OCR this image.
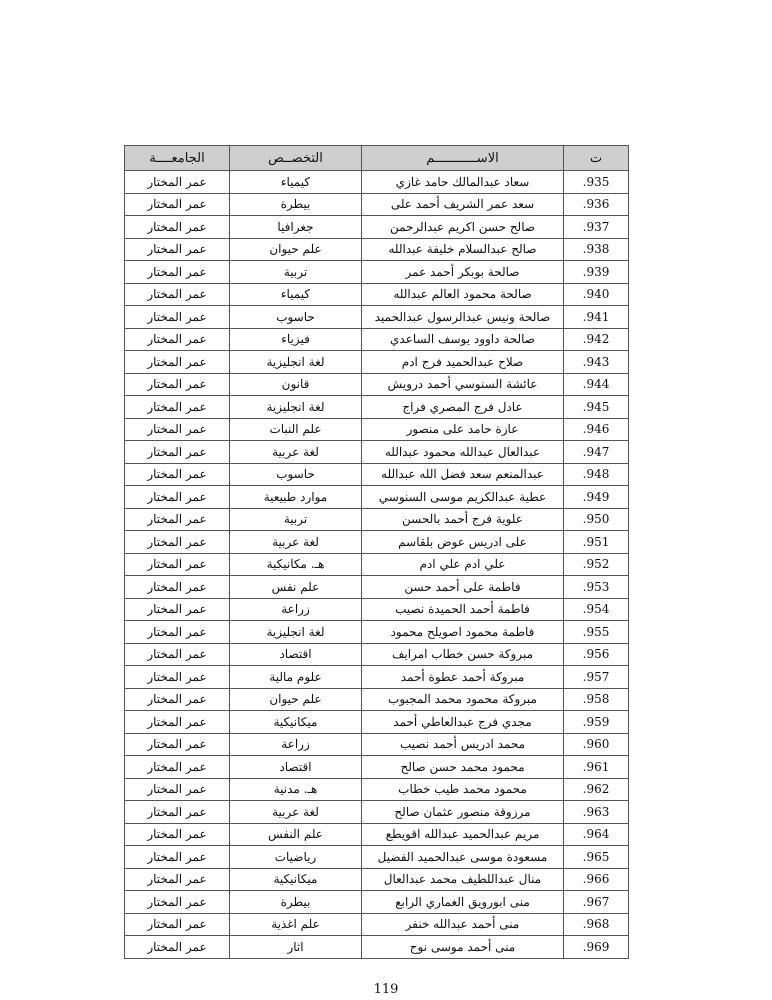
ت	الاســـــــــــم	التخصــص	الجامعــــة
.935	سعاد عبدالمالك حامد غازي	كيمياء	عمر المختار
.936	سعد عمر الشريف أحمد على	بيطرة	عمر المختار
.937	صالح حسن اكريم عبدالرحمن	جغرافيا	عمر المختار
.938	صالح عبدالسلام خليفة عبدالله	علم حيوان	عمر المختار
.939	صالحة بوبكر أحمد عمر	تربية	عمر المختار
.940	صالحة محمود العالم عبدالله	كيمياء	عمر المختار
.941	صالحة ونيس عبدالرسول عبدالحميد	حاسوب	عمر المختار
.942	صالحة داوود يوسف الساعدي	فيزياء	عمر المختار
.943	صلاح عبدالحميد فرج ادم	لغة انجليزية	عمر المختار
.944	عائشة السنوسي أحمد درويش	قانون	عمر المختار
.945	عادل فرج المصري فراج	لغة انجليزية	عمر المختار
.946	عازة حامد على منصور	علم النبات	عمر المختار
.947	عبدالعال عبدالله محمود عبدالله	لغة عربية	عمر المختار
.948	عبدالمنعم سعد فضل الله عبدالله	حاسوب	عمر المختار
.949	عطية عبدالكريم موسى السنوسي	موارد طبيعية	عمر المختار
.950	علوية فرج أحمد بالحسن	تربية	عمر المختار
.951	على ادريس عوض بلقاسم	لغة عربية	عمر المختار
.952	علي ادم علي ادم	هـ. مكانيكية	عمر المختار
.953	فاطمة على أحمد حسن	علم نفس	عمر المختار
.954	فاطمة أحمد الحميدة نصيب	زراعة	عمر المختار
.955	فاطمة محمود اصويلح محمود	لغة انجليزية	عمر المختار
.956	مبروكة حسن خطاب امرايف	اقتصاد	عمر المختار
.957	مبروكة أحمد عطوة أحمد	علوم مالية	عمر المختار
.958	مبروكة محمود محمد المجبوب	علم حيوان	عمر المختار
.959	مجدي فرج عبدالعاطي أحمد	ميكانيكية	عمر المختار
.960	محمد ادريس أحمد نصيب	زراعة	عمر المختار
.961	محمود محمد حسن صالح	اقتصاد	عمر المختار
.962	محمود محمد طيب خطاب	هـ. مدنية	عمر المختار
.963	مرزوقة منصور عثمان صالح	لغة عربية	عمر المختار
.964	مريم عبدالحميد عبدالله اقويطع	علم النفس	عمر المختار
.965	مسعودة موسى عبدالحميد الفضيل	رياضيات	عمر المختار
.966	منال عبداللطيف محمد عبدالعال	ميكانيكية	عمر المختار
.967	منى ابورويق الغماري الرابع	بيطرة	عمر المختار
.968	منى أحمد عبدالله خنفر	علم اغذية	عمر المختار
.969	منى أحمد موسى نوح	اثار	عمر المختار
119
